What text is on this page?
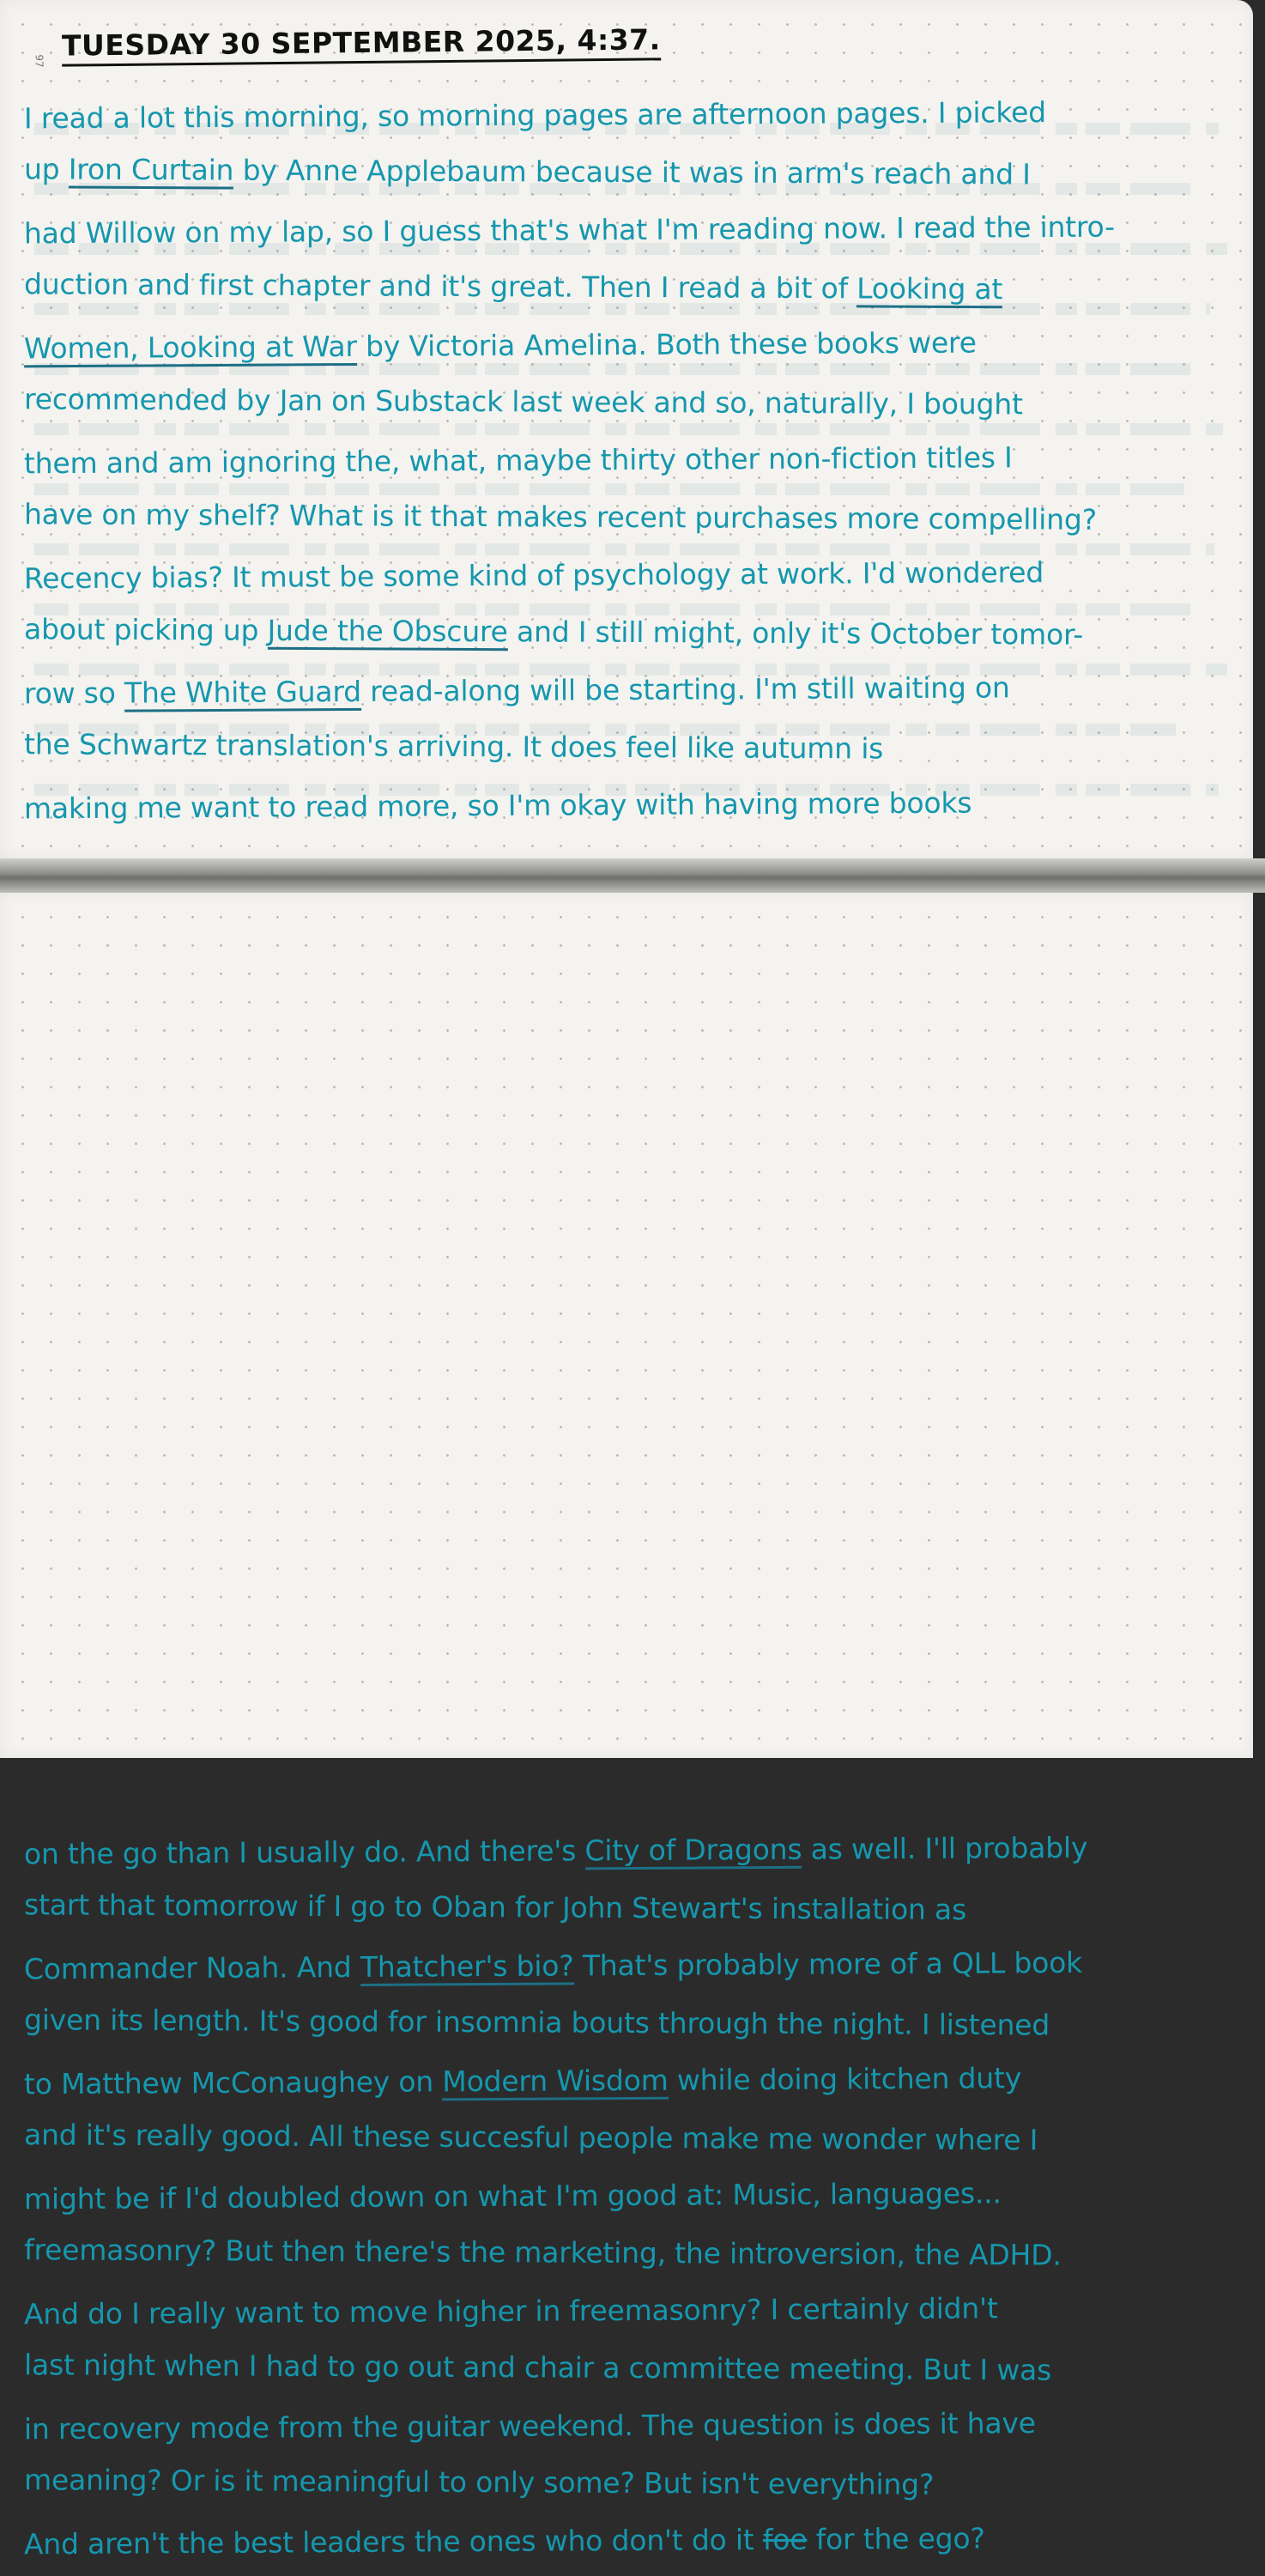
97 TUESDAY 30 SEPTEMBER 2025, 4:37.
I read a lot this morning, so morning pages are afternoon pages. I picked
up Iron Curtain by Anne Applebaum because it was in arm's reach and I
had Willow on my lap, so I guess that's what I'm reading now. I read the intro-
duction and first chapter and it's great. Then I read a bit of Looking at
Women, Looking at War by Victoria Amelina. Both these books were
recommended by Jan on Substack last week and so, naturally, I bought
them and am ignoring the, what, maybe thirty other non-fiction titles I
have on my shelf? What is it that makes recent purchases more compelling?
Recency bias? It must be some kind of psychology at work. I'd wondered
about picking up Jude the Obscure and I still might, only it's October tomor-
row so The White Guard read-along will be starting. I'm still waiting on
the Schwartz translation's arriving. It does feel like autumn is
making me want to read more, so I'm okay with having more books
on the go than I usually do. And there's City of Dragons as well. I'll probably
start that tomorrow if I go to Oban for John Stewart's installation as
Commander Noah. And Thatcher's bio? That's probably more of a QLL book
given its length. It's good for insomnia bouts through the night. I listened
to Matthew McConaughey on Modern Wisdom while doing kitchen duty
and it's really good. All these succesful people make me wonder where I
might be if I'd doubled down on what I'm good at: Music, languages...
freemasonry? But then there's the marketing, the introversion, the ADHD.
And do I really want to move higher in freemasonry? I certainly didn't
last night when I had to go out and chair a committee meeting. But I was
in recovery mode from the guitar weekend. The question is does it have
meaning? Or is it meaningful to only some? But isn't everything?
And aren't the best leaders the ones who don't do it foe for the ego?
